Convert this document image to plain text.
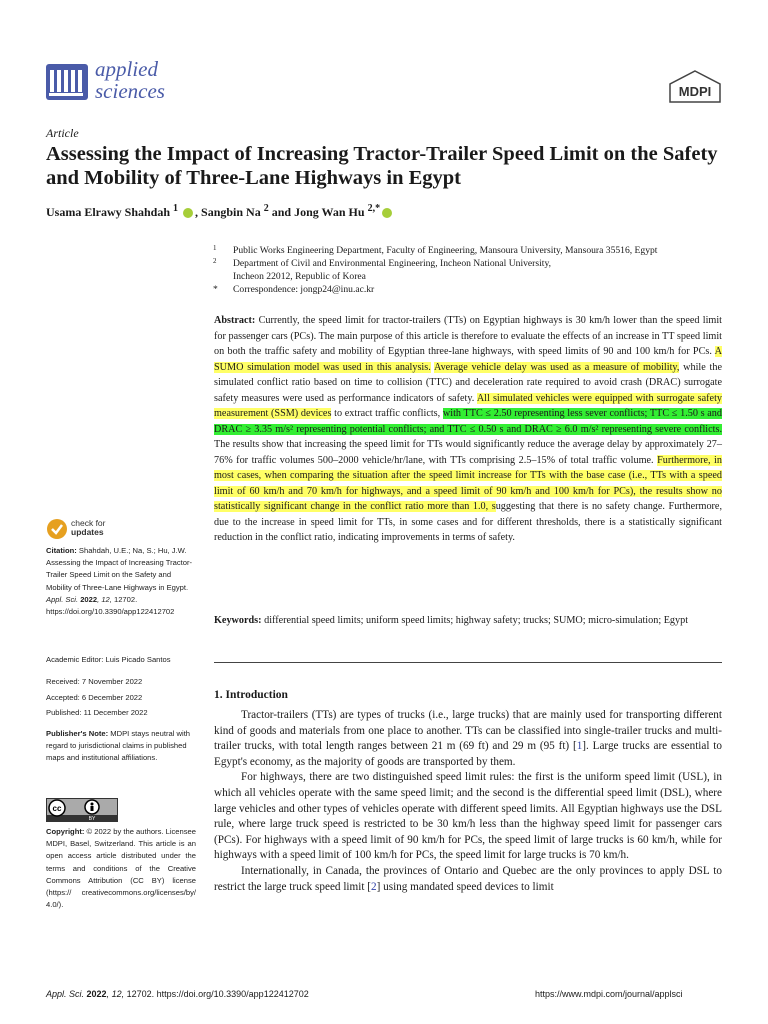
applied
sciences	MDPI
Article
Assessing the Impact of Increasing Tractor-Trailer Speed Limit on the Safety and Mobility of Three-Lane Highways in Egypt
Usama Elrawy Shahdah $^1$ , Sangbin Na $^2$ and Jong Wan Hu $^{2,*}$
1 Public Works Engineering Department, Faculty of Engineering, Mansoura University, Mansoura 35516, Egypt
2 Department of Civil and Environmental Engineering, Incheon National University,
Incheon 22012, Republic of Korea
* Correspondence: jongp24@inu.ac.kr
Abstract: Currently, the speed limit for tractor-trailers (TTs) on Egyptian highways is 30 km/h lower than the speed limit for passenger cars (PCs). The main purpose of this article is therefore to evaluate the effects of an increase in TT speed limit on both the traffic safety and mobility of Egyptian three-lane highways, with speed limits of 90 and 100 km/h for PCs. A SUMO simulation model was used in this analysis. Average vehicle delay was used as a measure of mobility, while the simulated conflict ratio based on time to collision (TTC) and deceleration rate required to avoid crash (DRAC) surrogate safety measures were used as performance indicators of safety. All simulated vehicles were equipped with surrogate safety measurement (SSM) devices to extract traffic conflicts, with TTC ≤ 2.50 representing less sever conflicts; TTC ≤ 1.50 s and DRAC ≥ 3.35 m/s² representing potential conflicts; and TTC ≤ 0.50 s and DRAC ≥ 6.0 m/s² representing severe conflicts. The results show that increasing the speed limit for TTs would significantly reduce the average delay by approximately 27–76% for traffic volumes 500–2000 vehicle/hr/lane, with TTs comprising 2.5–15% of total traffic volume. Furthermore, in most cases, when comparing the situation after the speed limit increase for TTs with the base case (i.e., TTs with a speed limit of 60 km/h and 70 km/h for highways, and a speed limit of 90 km/h and 100 km/h for PCs), the results show no statistically significant change in the conflict ratio more than 1.0, suggesting that there is no safety change. Furthermore, due to the increase in speed limit for TTs, in some cases and for different thresholds, there is a statistically significant reduction in the conflict ratio, indicating improvements in terms of safety.
Keywords: differential speed limits; uniform speed limits; highway safety; trucks; SUMO; micro-simulation; Egypt
check for
updates
Citation: Shahdah, U.E.; Na, S.; Hu, J.W. Assessing the Impact of Increasing Tractor-Trailer Speed Limit on the Safety and Mobility of Three-Lane Highways in Egypt. Appl. Sci. 2022, 12, 12702. https://doi.org/10.3390/app122412702
Academic Editor: Luis Picado Santos
Received: 7 November 2022
Accepted: 6 December 2022
Published: 11 December 2022
Publisher's Note: MDPI stays neutral with regard to jurisdictional claims in published maps and institutional affiliations.
cc
BY
Copyright: © 2022 by the authors. Licensee MDPI, Basel, Switzerland. This article is an open access article distributed under the terms and conditions of the Creative Commons Attribution (CC BY) license (https:// creativecommons.org/licenses/by/ 4.0/).
1. Introduction

Tractor-trailers (TTs) are types of trucks (i.e., large trucks) that are mainly used for transporting different kind of goods and materials from one place to another. TTs can be classified into single-trailer trucks and multi-trailer trucks, with total length ranges between 21 m (69 ft) and 29 m (95 ft) [1]. Large trucks are essential to Egypt's economy, as the majority of goods are transported by them.

For highways, there are two distinguished speed limit rules: the first is the uniform speed limit (USL), in which all vehicles operate with the same speed limit; and the second is the differential speed limit (DSL), where large vehicles and other types of vehicles operate with different speed limits. All Egyptian highways use the DSL rule, where large truck speed is restricted to be 30 km/h less than the highway speed limit for passenger cars (PCs). For highways with a speed limit of 90 km/h for PCs, the speed limit of large trucks is 60 km/h, while for highways with a speed limit of 100 km/h for PCs, the speed limit for large trucks is 70 km/h.

Internationally, in Canada, the provinces of Ontario and Quebec are the only provinces to apply DSL to restrict the large truck speed limit [2] using mandated speed devices to limit

Appl. Sci. 2022, 12, 12702. https://doi.org/10.3390/app122412702	https://www.mdpi.com/journal/applsci
